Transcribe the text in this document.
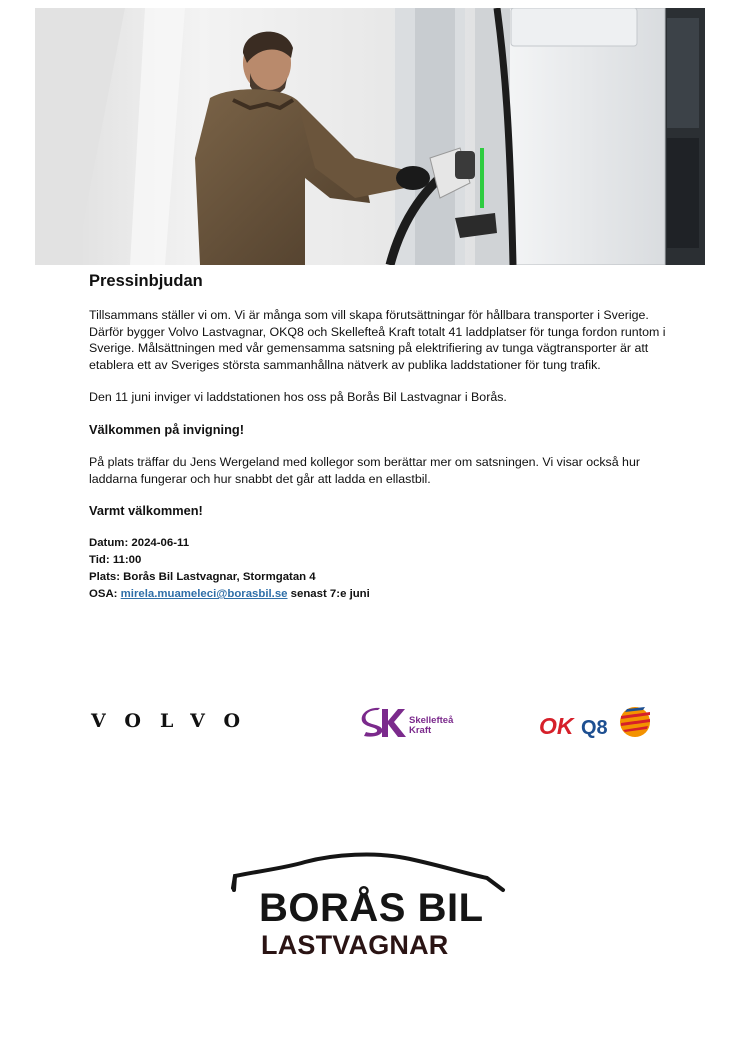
Pressinbjudan

Tillsammans ställer vi om. Vi är många som vill skapa förutsättningar för hållbara transporter i Sverige. Därför bygger Volvo Lastvagnar, OKQ8 och Skellefteå Kraft totalt 41 laddplatser för tunga fordon runtom i Sverige. Målsättningen med vår gemensamma satsning på elektrifiering av tunga vägtransporter är att etablera ett av Sveriges största sammanhållna nätverk av publika laddstationer för tung trafik.

Den 11 juni inviger vi laddstationen hos oss på Borås Bil Lastvagnar i Borås.

Välkommen på invigning!

På plats träffar du Jens Wergeland med kollegor som berättar mer om satsningen. Vi visar också hur laddarna fungerar och hur snabbt det går att ladda en ellastbil.

Varmt välkommen!

Datum: 2024-06-11
Tid: 11:00
Plats: Borås Bil Lastvagnar, Stormgatan 4
OSA: mirela.muameleci@borasbil.se senast 7:e juni
VOLVO	Skellefteå
Kraft	OK Q8
BORÅS BIL
LASTVAGNAR
